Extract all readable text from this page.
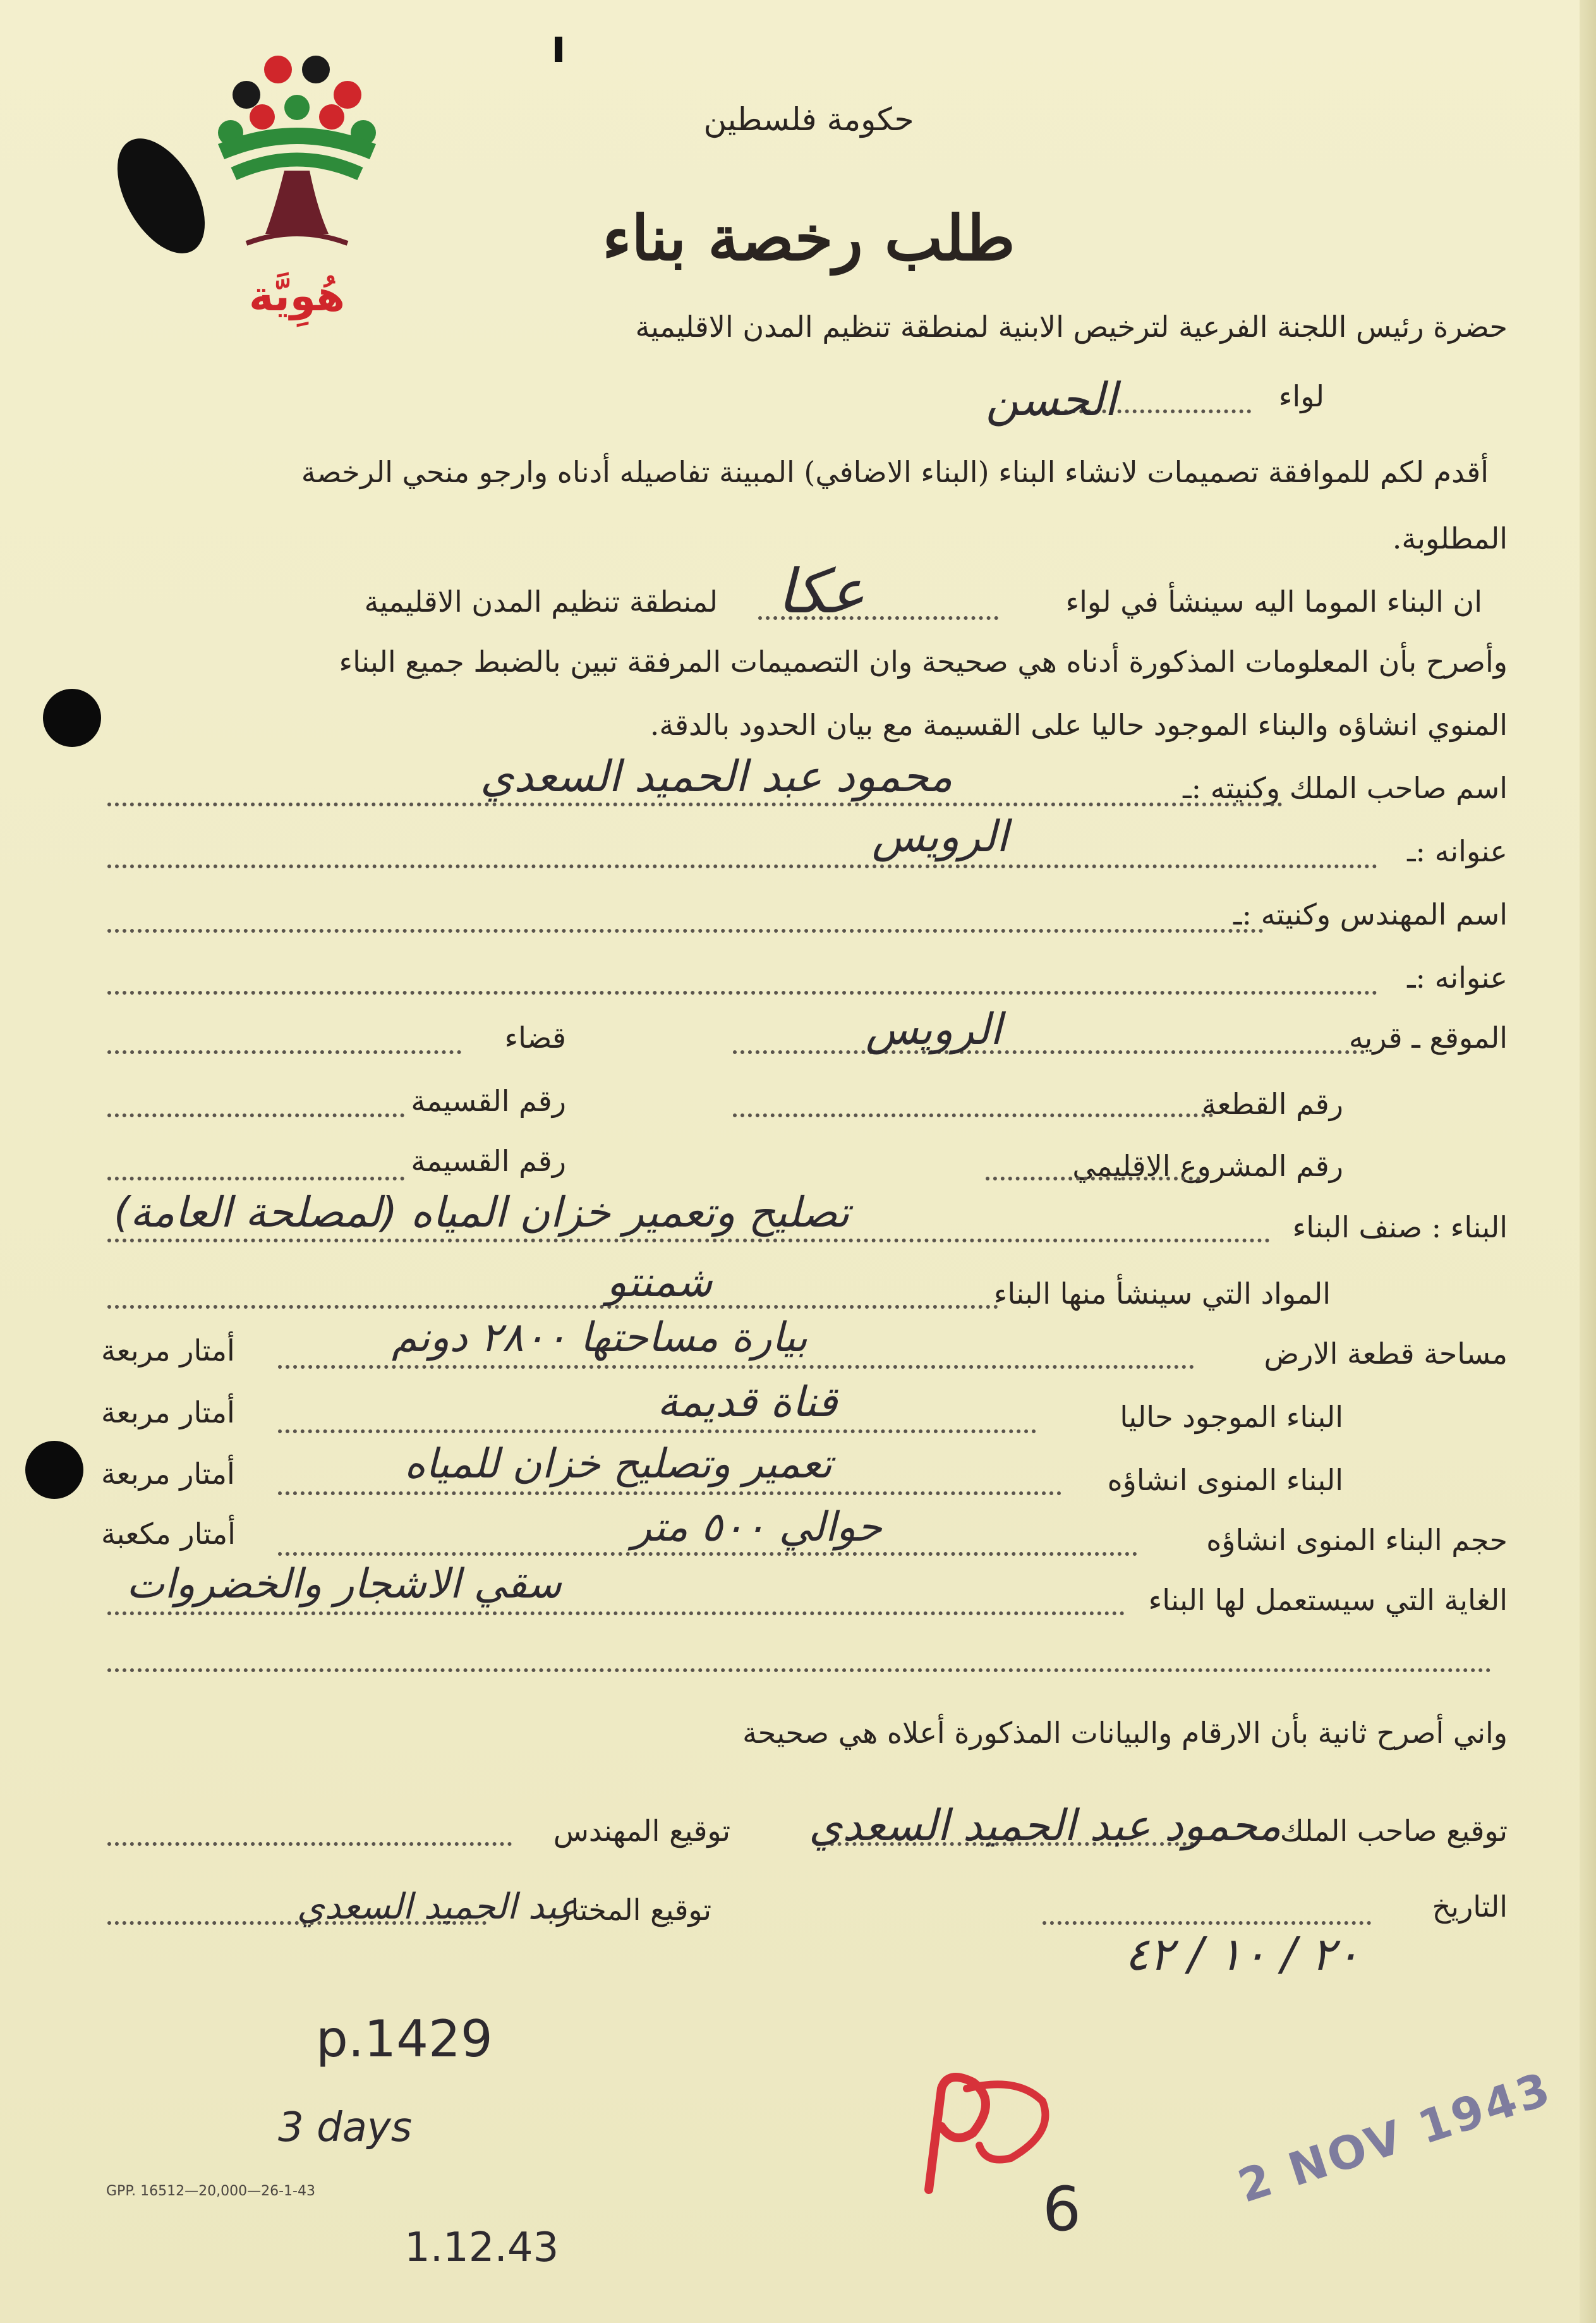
هُوِيَّة
حكومة فلسطين
طلب رخصة بناء
حضرة رئيس اللجنة الفرعية لترخيص الابنية لمنطقة تنظيم المدن الاقليمية
لواء
الحسن
أقدم لكم للموافقة تصميمات لانشاء البناء (البناء الاضافي) المبينة تفاصيله أدناه وارجو منحي الرخصة
المطلوبة.
ان البناء الموما اليه سينشأ في لواء
عكا
لمنطقة تنظيم المدن الاقليمية
وأصرح بأن المعلومات المذكورة أدناه هي صحيحة وان التصميمات المرفقة تبين بالضبط جميع البناء
المنوي انشاؤه والبناء الموجود حاليا على القسيمة مع بيان الحدود بالدقة.
اسم صاحب الملك وكنيته :ـ
محمود عبد الحميد السعدي
عنوانه :ـ
الرويس
اسم المهندس وكنيته :ـ
عنوانه :ـ
الموقع ـ قريه
الرويس
قضاء
رقم القطعة
رقم القسيمة
رقم المشروع الاقليمي
رقم القسيمة
البناء : صنف البناء
تصليح وتعمير خزان المياه (لمصلحة العامة)
المواد التي سينشأ منها البناء
شمنتو
مساحة قطعة الارض
بيارة مساحتها ٢٨٠٠ دونم
أمتار مربعة
البناء الموجود حاليا
قناة قديمة
أمتار مربعة
البناء المنوى انشاؤه
تعمير وتصليح خزان للمياه
أمتار مربعة
حجم البناء المنوى انشاؤه
حوالي ٥٠٠ متر
أمتار مكعبة
الغاية التي سيستعمل لها البناء
سقي الاشجار والخضروات
واني أصرح ثانية بأن الارقام والبيانات المذكورة أعلاه هي صحيحة
توقيع صاحب الملك
محمود عبد الحميد السعدي
توقيع المهندس
التاريخ
٢٠ / ١٠ / ٤٢
توقيع المختار
عبد الحميد السعدي
p.1429
3 days
1.12.43
6
GPP. 16512—20,000—26-1-43	2 NOV 1943
